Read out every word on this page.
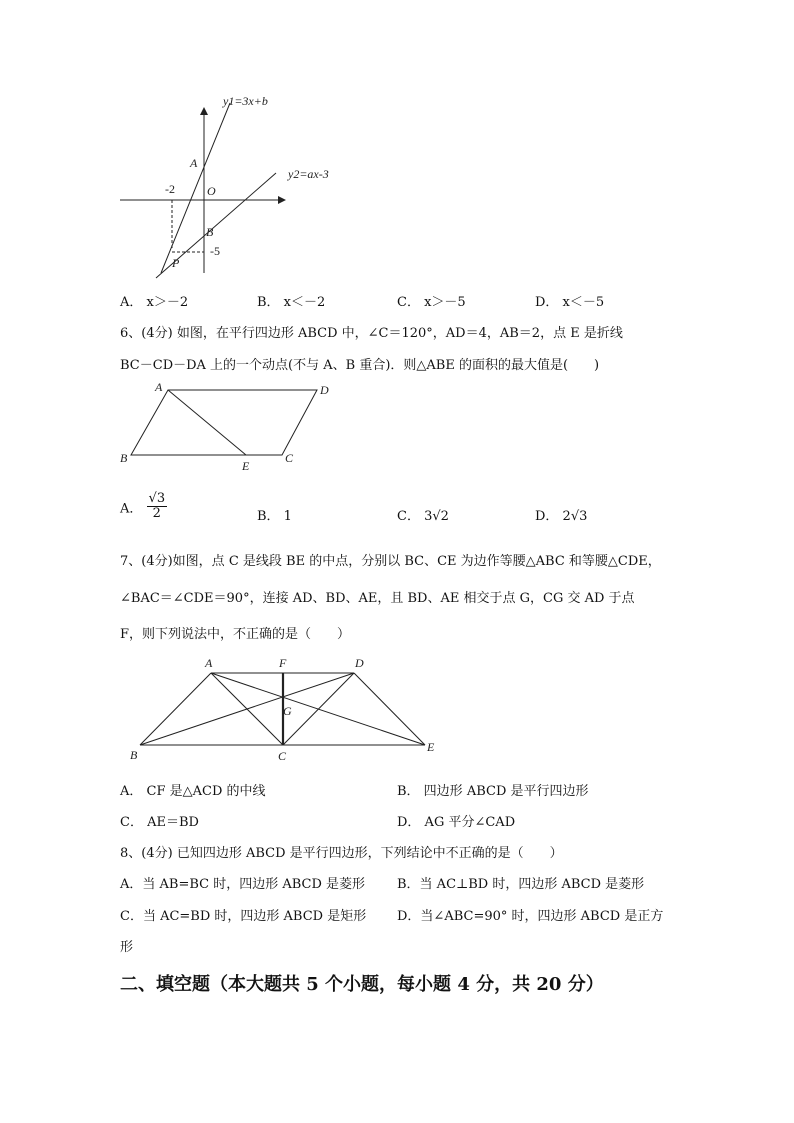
y1=3x+b
y2=ax-3
A
O
B
P
-2
-5
A． x＞－2	B． x＜－2	C． x＞－5	D． x＜－5
6、(4分) 如图，在平行四边形 ABCD 中，∠C＝120°，AD＝4，AB＝2，点 E 是折线
BC－CD－DA 上的一个动点(不与 A、B 重合)．则△ABE 的面积的最大值是(　　)
A	D
B
E
C
A． $\frac{√3}{2}$	B． 1	C． 3√2	D． 2√3
7、(4分)如图，点 C 是线段 BE 的中点，分别以 BC、CE 为边作等腰△ABC 和等腰△CDE，
∠BAC＝∠CDE＝90°，连接 AD、BD、AE，且 BD、AE 相交于点 G，CG 交 AD 于点
F，则下列说法中，不正确的是（　　）
A	F	D
G
B	C
E
A． CF 是△ACD 的中线	B． 四边形 ABCD 是平行四边形
C． AE＝BD	D． AG 平分∠CAD
8、(4分) 已知四边形 ABCD 是平行四边形，下列结论中不正确的是（　　）
A．当 AB=BC 时，四边形 ABCD 是菱形 B．当 AC⊥BD 时，四边形 ABCD 是菱形
C．当 AC=BD 时，四边形 ABCD 是矩形 D．当∠ABC=90° 时，四边形 ABCD 是正方
形
二、填空题（本大题共 5 个小题，每小题 4 分，共 20 分）
